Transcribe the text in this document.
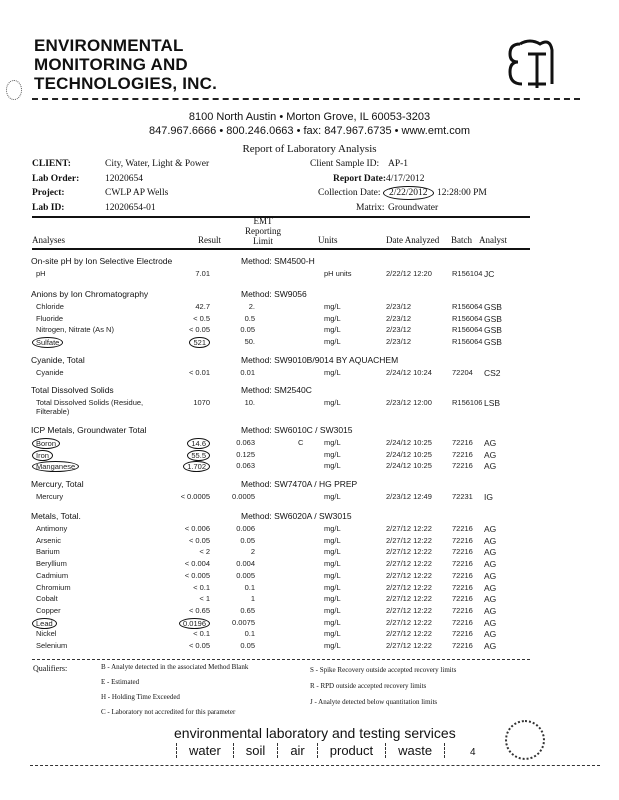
ENVIRONMENTAL
MONITORING AND
TECHNOLOGIES, INC.
8100 North Austin • Morton Grove, IL 60053-3203
847.967.6666 • 800.246.0663 • fax: 847.967.6735 • www.emt.com
Report of Laboratory Analysis
CLIENT:	City, Water, Light & Power
Lab Order:	12020654
Project:	CWLP AP Wells
Lab ID:	12020654-01
Client Sample ID: AP-1
Report Date: 4/17/2012
Collection Date: 2/22/2012 12:28:00 PM
Matrix: Groundwater
Analyses	Result
EMT
Reporting
Limit	Units	Date Analyzed Batch Analyst
Qualifiers:	B - Analyte detected in the associated Method Blank
E - Estimated
H - Holding Time Exceeded
C - Laboratory not accredited for this parameter
S - Spike Recovery outside accepted recovery limits
R - RPD outside accepted recovery limits
J - Analyte detected below quantitation limits
environmental laboratory and testing services
water	soil	air	product	waste	4
On-site pH by Ion Selective Electrode	Method: SM4500-H
pH	7.01	pH units	2/22/12 12:20	R156104 JC
Anions by Ion Chromatography	Method: SW9056
Chloride	42.7	2.	mg/L	2/23/12	R156064 GSB
Fluoride	< 0.5	0.5	mg/L	2/23/12	R156064 GSB
Nitrogen, Nitrate (As N)	< 0.05	0.05	mg/L	2/23/12	R156064 GSB
Sulfate	521	50.	mg/L	2/23/12	R156064 GSB
Cyanide, Total	Method: SW9010B/9014 BY AQUACHEM
Cyanide	< 0.01	0.01	mg/L	2/24/12 10:24	72204 CS2
Total Dissolved Solids	Method: SM2540C
Total Dissolved Solids (Residue, Filterable)
1070	10.	mg/L	2/23/12 12:00	R156106 LSB
ICP Metals, Groundwater Total	Method: SW6010C / SW3015
Boron	14.6	0.063	C	mg/L	2/24/12 10:25	72216 AG
Iron	55.5	0.125	mg/L	2/24/12 10:25	72216 AG
Manganese	1.702	0.063	mg/L	2/24/12 10:25	72216 AG
Mercury, Total	Method: SW7470A / HG PREP
Mercury	< 0.0005	0.0005	mg/L	2/23/12 12:49	72231 IG
Metals, Total.	Method: SW6020A / SW3015
Antimony	< 0.006	0.006	mg/L	2/27/12 12:22	72216 AG
Arsenic	< 0.05	0.05	mg/L	2/27/12 12:22	72216 AG
Barium	< 2	2	mg/L	2/27/12 12:22	72216 AG
Beryllium	< 0.004	0.004	mg/L	2/27/12 12:22	72216 AG
Cadmium	< 0.005	0.005	mg/L	2/27/12 12:22	72216 AG
Chromium	< 0.1	0.1	mg/L	2/27/12 12:22	72216 AG
Cobalt	< 1	1	mg/L	2/27/12 12:22	72216 AG
Copper	< 0.65	0.65	mg/L	2/27/12 12:22	72216 AG
Lead	0.0196	0.0075	mg/L	2/27/12 12:22	72216 AG
Nickel	< 0.1	0.1	mg/L	2/27/12 12:22	72216 AG
Selenium	< 0.05	0.05	mg/L	2/27/12 12:22	72216 AG
